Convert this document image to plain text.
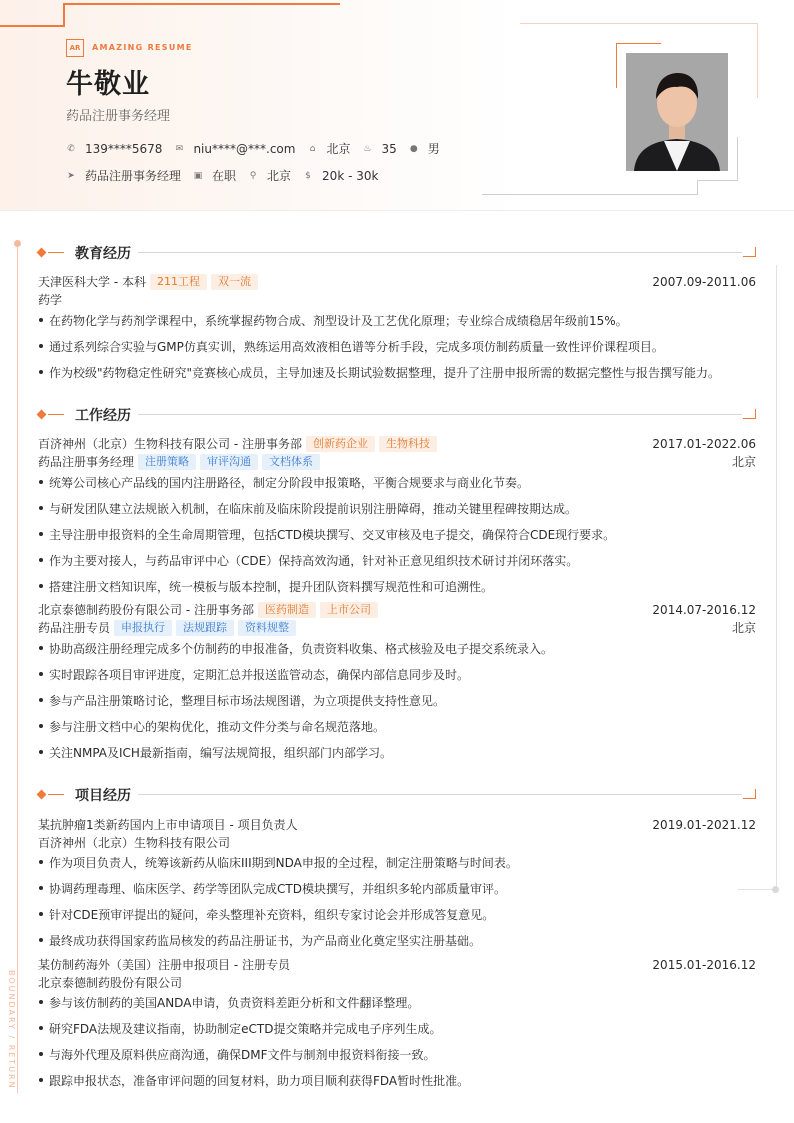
AR	AMAZING RESUME
牛敬业
药品注册事务经理
✆ 139****5678 ✉ niu****@***.com ⌂ 北京 ♨ 35 ● 男
➤ 药品注册事务经理 ▣ 在职 ⚲ 北京 $ 20k - 30k
BOUNDARY / RETURN
教育经历
天津医科大学 - 本科	211工程	双一流	2007.09-2011.06
药学
在药物化学与药剂学课程中，系统掌握药物合成、剂型设计及工艺优化原理；专业综合成绩稳居年级前15%。
通过系列综合实验与GMP仿真实训，熟练运用高效液相色谱等分析手段，完成多项仿制药质量一致性评价课程项目。
作为校级"药物稳定性研究"竞赛核心成员，主导加速及长期试验数据整理，提升了注册申报所需的数据完整性与报告撰写能力。
工作经历
百济神州（北京）生物科技有限公司 - 注册事务部	创新药企业	生物科技	2017.01-2022.06
药品注册事务经理	注册策略	审评沟通	文档体系	北京
统筹公司核心产品线的国内注册路径，制定分阶段申报策略，平衡合规要求与商业化节奏。
与研发团队建立法规嵌入机制，在临床前及临床阶段提前识别注册障碍，推动关键里程碑按期达成。
主导注册申报资料的全生命周期管理，包括CTD模块撰写、交叉审核及电子提交，确保符合CDE现行要求。
作为主要对接人，与药品审评中心（CDE）保持高效沟通，针对补正意见组织技术研讨并闭环落实。
搭建注册文档知识库，统一模板与版本控制，提升团队资料撰写规范性和可追溯性。
北京泰德制药股份有限公司 - 注册事务部	医药制造	上市公司	2014.07-2016.12
药品注册专员	申报执行	法规跟踪	资料规整	北京
协助高级注册经理完成多个仿制药的申报准备，负责资料收集、格式核验及电子提交系统录入。
实时跟踪各项目审评进度，定期汇总并报送监管动态，确保内部信息同步及时。
参与产品注册策略讨论，整理目标市场法规图谱，为立项提供支持性意见。
参与注册文档中心的架构优化，推动文件分类与命名规范落地。
关注NMPA及ICH最新指南，编写法规简报，组织部门内部学习。
项目经历
某抗肿瘤1类新药国内上市申请项目 - 项目负责人	2019.01-2021.12
百济神州（北京）生物科技有限公司
作为项目负责人，统筹该新药从临床III期到NDA申报的全过程，制定注册策略与时间表。
协调药理毒理、临床医学、药学等团队完成CTD模块撰写，并组织多轮内部质量审评。
针对CDE预审评提出的疑问，牵头整理补充资料，组织专家讨论会并形成答复意见。
最终成功获得国家药监局核发的药品注册证书，为产品商业化奠定坚实注册基础。
某仿制药海外（美国）注册申报项目 - 注册专员	2015.01-2016.12
北京泰德制药股份有限公司
参与该仿制药的美国ANDA申请，负责资料差距分析和文件翻译整理。
研究FDA法规及建议指南，协助制定eCTD提交策略并完成电子序列生成。
与海外代理及原料供应商沟通，确保DMF文件与制剂申报资料衔接一致。
跟踪申报状态，准备审评问题的回复材料，助力项目顺利获得FDA暂时性批准。
